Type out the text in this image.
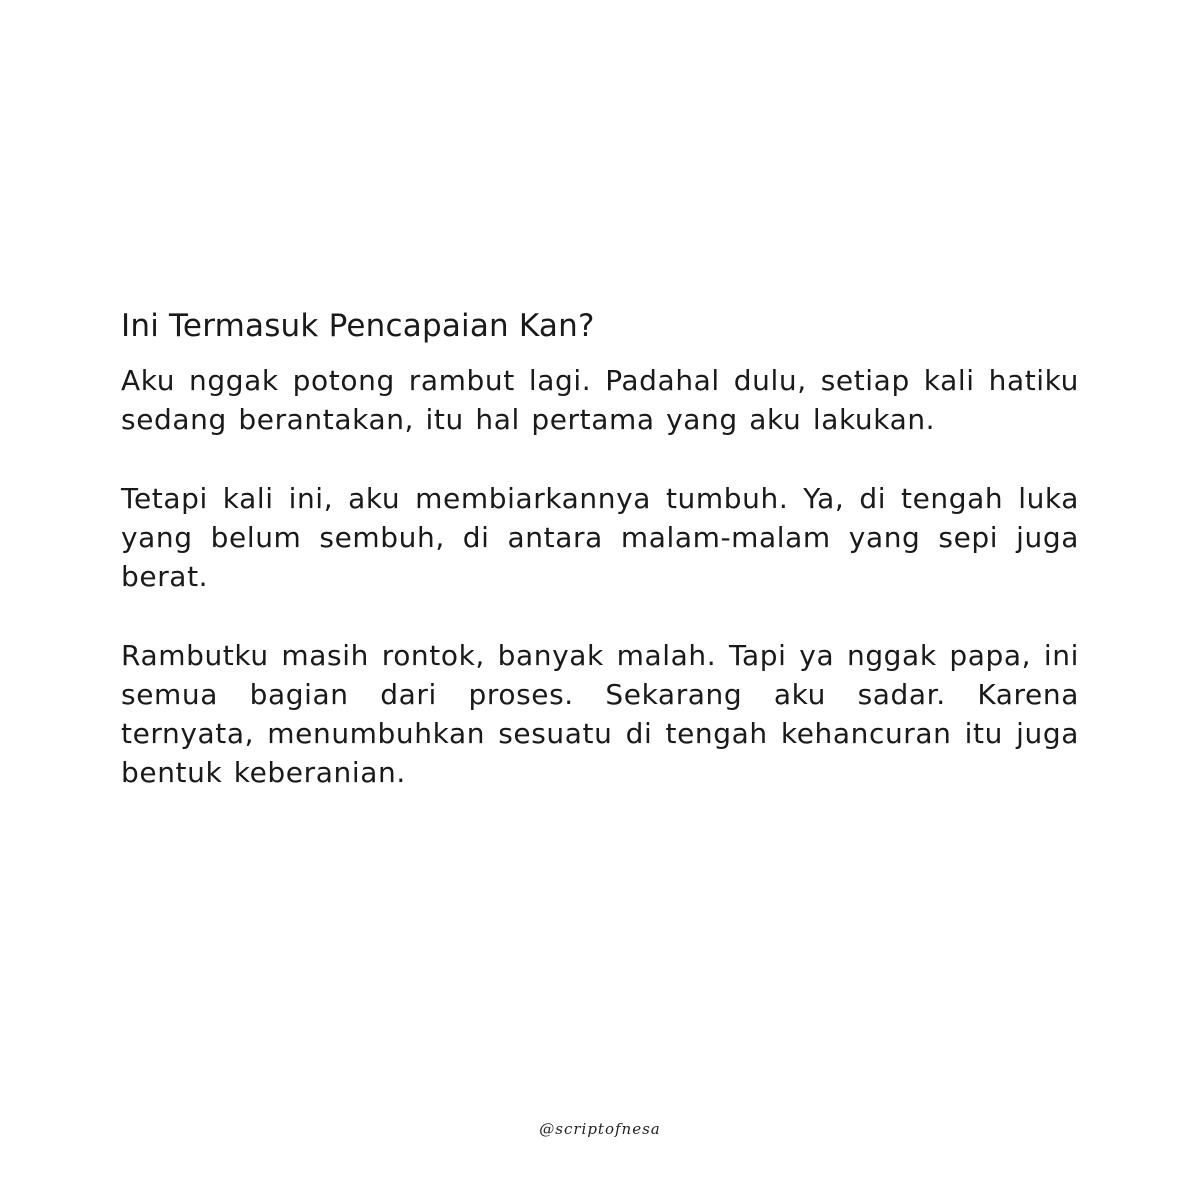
Ini Termasuk Pencapaian Kan?

Aku nggak potong rambut lagi. Padahal dulu, setiap kali hatiku sedang berantakan, itu hal pertama yang aku lakukan.

Tetapi kali ini, aku membiarkannya tumbuh. Ya, di tengah luka yang belum sembuh, di antara malam-malam yang sepi juga berat.

Rambutku masih rontok, banyak malah. Tapi ya nggak papa, ini semua bagian dari proses. Sekarang aku sadar. Karena ternyata, menumbuhkan sesuatu di tengah kehancuran itu juga bentuk keberanian.

@scriptofnesa
